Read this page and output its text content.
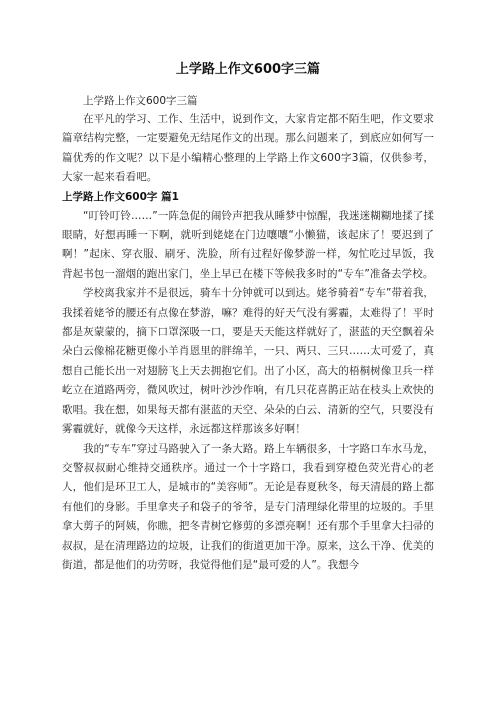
上学路上作文600字三篇
上学路上作文600字三篇

在平凡的学习、工作、生活中，说到作文，大家肯定都不陌生吧，作文要求篇章结构完整，一定要避免无结尾作文的出现。那么问题来了，到底应如何写一篇优秀的作文呢？以下是小编精心整理的上学路上作文600字3篇，仅供参考，大家一起来看看吧。

上学路上作文600字 篇1

“叮铃叮铃……”一阵急促的闹铃声把我从睡梦中惊醒，我迷迷糊糊地揉了揉眼睛，好想再睡一下啊，就听到姥姥在门边嚷嚷“小懒猫，该起床了！要迟到了啊！”起床、穿衣服、刷牙、洗脸，所有过程好像梦游一样，匆忙吃过早饭，我背起书包一溜烟的跑出家门，坐上早已在楼下等候我多时的“专车”准备去学校。

学校离我家并不是很远，骑车十分钟就可以到达。姥爷骑着“专车”带着我，我揉着姥爷的腰还有点像在梦游，嘛？难得的好天气没有雾霾，太难得了！平时都是灰蒙蒙的，摘下口罩深吸一口，要是天天能这样就好了，湛蓝的天空飘着朵朵白云像棉花糖更像小羊肖恩里的胖绵羊，一只、两只、三只……太可爱了，真想自己能长出一对翅膀飞上天去拥抱它们。出了小区，高大的梧桐树像卫兵一样屹立在道路两旁，微风吹过，树叶沙沙作响，有几只花喜鹊正站在枝头上欢快的歌唱。我在想，如果每天都有湛蓝的天空、朵朵的白云、清新的空气，只要没有雾霾就好，就像今天这样，永远都这样那该多好啊！

我的“专车”穿过马路驶入了一条大路。路上车辆很多，十字路口车水马龙，交警叔叔耐心维持交通秩序。通过一个十字路口，我看到穿橙色荧光背心的老人，他们是环卫工人，是城市的“美容师”。无论是春夏秋冬，每天清晨的路上都有他们的身影。手里拿夹子和袋子的爷爷，是专门清理绿化带里的垃圾的。手里拿大剪子的阿姨，你瞧，把冬青树它修剪的多漂亮啊！还有那个手里拿大扫帚的叔叔，是在清理路边的垃圾，让我们的街道更加干净。原来，这么干净、优美的街道，都是他们的功劳呀，我觉得他们是“最可爱的人”。我想今
